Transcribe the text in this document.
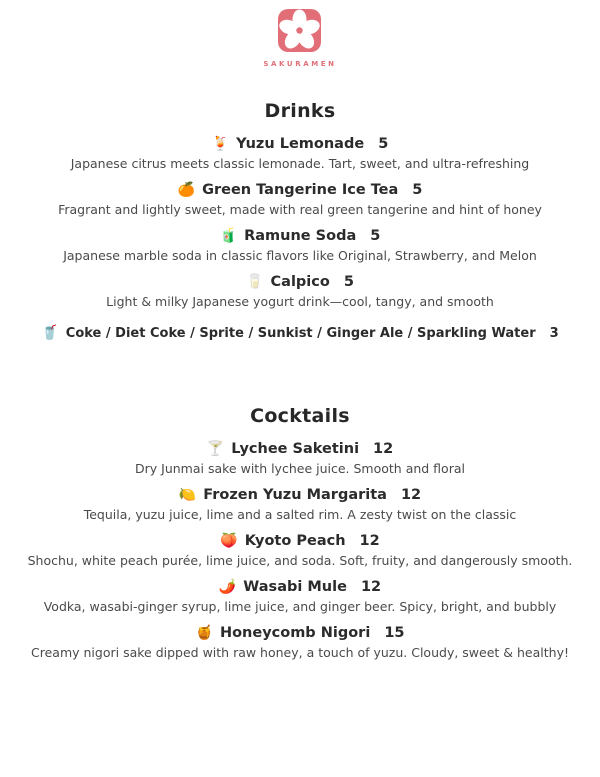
SAKURAMEN
Drinks
🍹 Yuzu Lemonade 5
Japanese citrus meets classic lemonade. Tart, sweet, and ultra-refreshing
🍊 Green Tangerine Ice Tea 5
Fragrant and lightly sweet, made with real green tangerine and hint of honey
🧃 Ramune Soda 5
Japanese marble soda in classic flavors like Original, Strawberry, and Melon
🥛 Calpico 5
Light & milky Japanese yogurt drink—cool, tangy, and smooth
🥤 Coke / Diet Coke / Sprite / Sunkist / Ginger Ale / Sparkling Water 3
Cocktails
🍸 Lychee Saketini 12
Dry Junmai sake with lychee juice. Smooth and floral
🍋 Frozen Yuzu Margarita 12
Tequila, yuzu juice, lime and a salted rim. A zesty twist on the classic
🍑 Kyoto Peach 12
Shochu, white peach purée, lime juice, and soda. Soft, fruity, and dangerously smooth.
🌶️ Wasabi Mule 12
Vodka, wasabi-ginger syrup, lime juice, and ginger beer. Spicy, bright, and bubbly
🍯 Honeycomb Nigori 15
Creamy nigori sake dipped with raw honey, a touch of yuzu. Cloudy, sweet & healthy!
